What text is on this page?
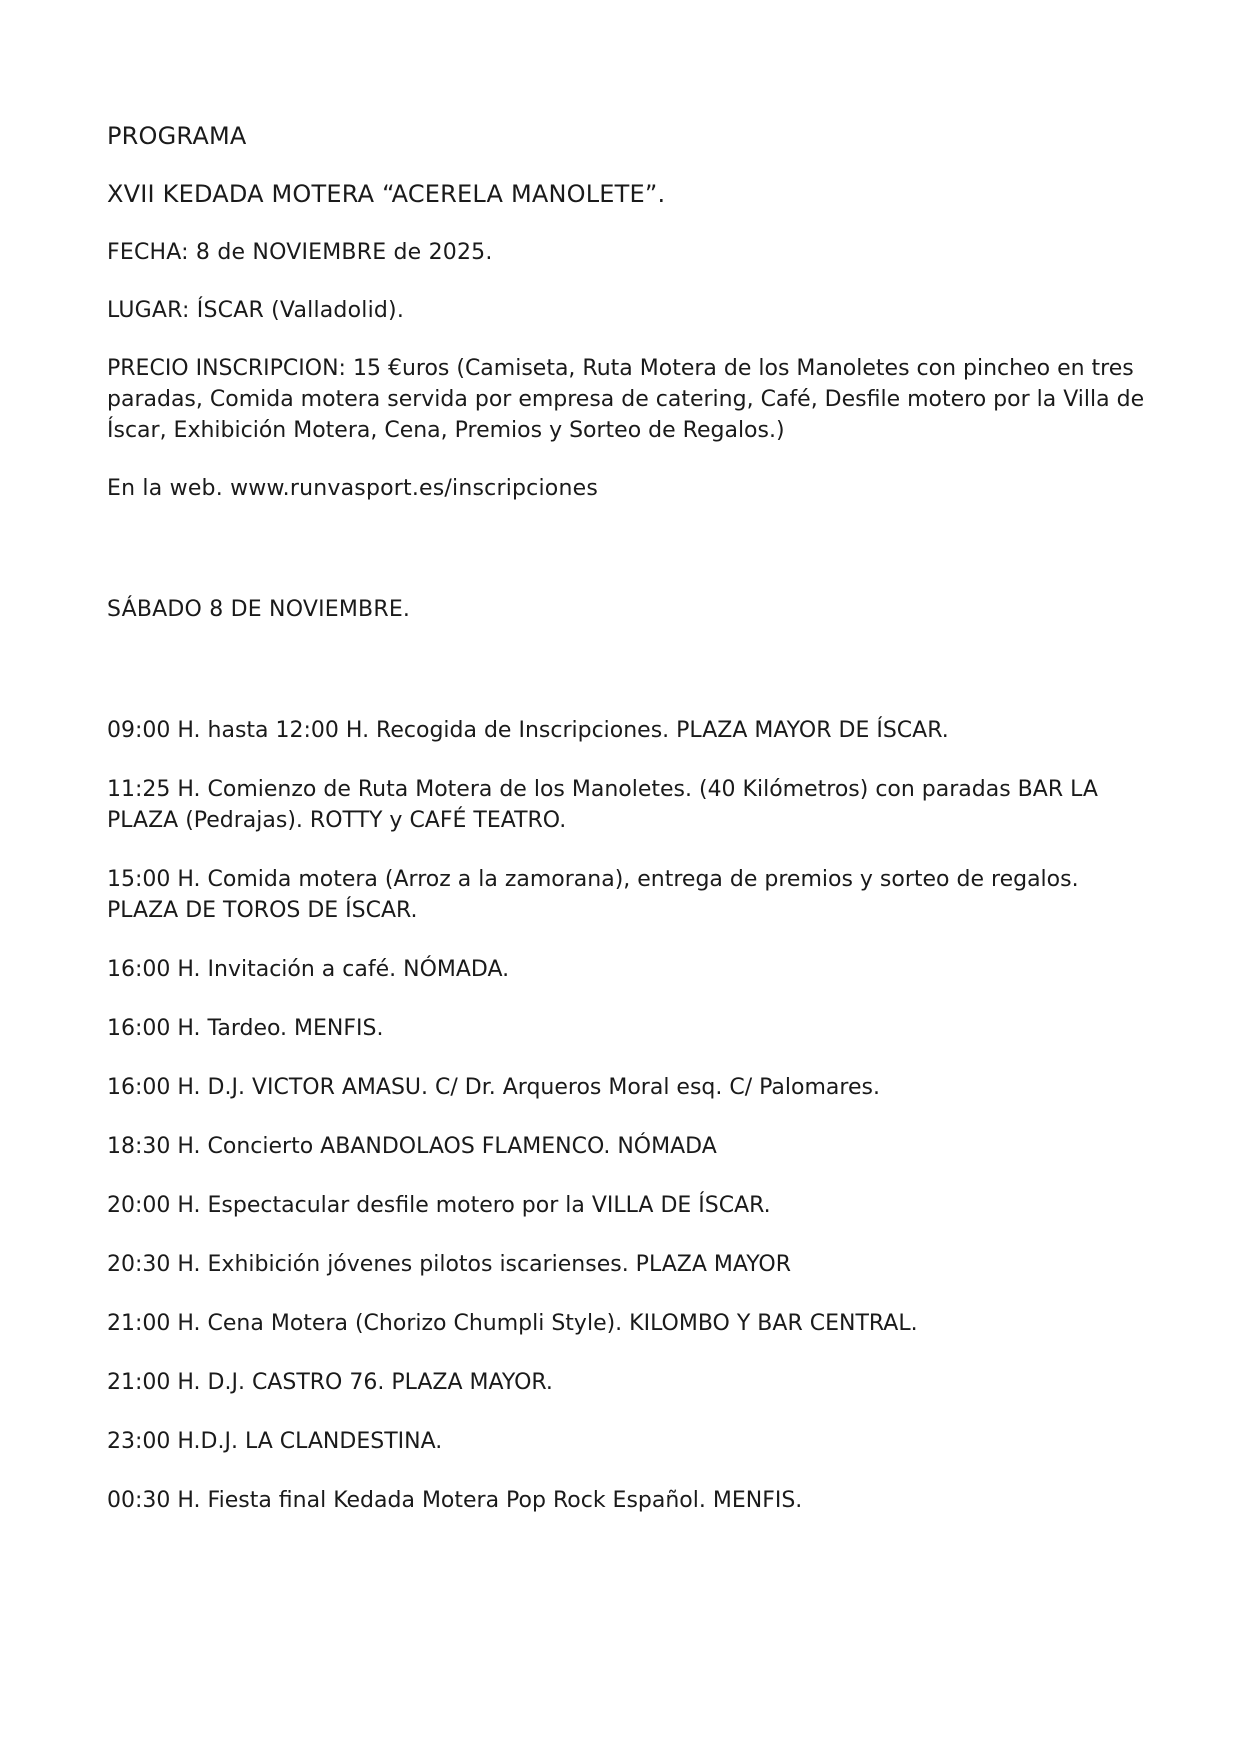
PROGRAMA

XVII KEDADA MOTERA “ACERELA MANOLETE”.

FECHA: 8 de NOVIEMBRE de 2025.

LUGAR: ÍSCAR (Valladolid).

PRECIO INSCRIPCION: 15 €uros (Camiseta, Ruta Motera de los Manoletes con pincheo en tres paradas, Comida motera servida por empresa de catering, Café, Desfile motero por la Villa de Íscar, Exhibición Motera, Cena, Premios y Sorteo de Regalos.)

En la web. www.runvasport.es/inscripciones

SÁBADO 8 DE NOVIEMBRE.

09:00 H. hasta 12:00 H. Recogida de Inscripciones. PLAZA MAYOR DE ÍSCAR.

11:25 H. Comienzo de Ruta Motera de los Manoletes. (40 Kilómetros) con paradas BAR LA PLAZA (Pedrajas). ROTTY y CAFÉ TEATRO.

15:00 H. Comida motera (Arroz a la zamorana), entrega de premios y sorteo de regalos. PLAZA DE TOROS DE ÍSCAR.

16:00 H. Invitación a café. NÓMADA.

16:00 H. Tardeo. MENFIS.

16:00 H. D.J. VICTOR AMASU. C/ Dr. Arqueros Moral esq. C/ Palomares.

18:30 H. Concierto ABANDOLAOS FLAMENCO. NÓMADA

20:00 H. Espectacular desfile motero por la VILLA DE ÍSCAR.

20:30 H. Exhibición jóvenes pilotos iscarienses. PLAZA MAYOR

21:00 H. Cena Motera (Chorizo Chumpli Style). KILOMBO Y BAR CENTRAL.

21:00 H. D.J. CASTRO 76. PLAZA MAYOR.

23:00 H.D.J. LA CLANDESTINA.

00:30 H. Fiesta final Kedada Motera Pop Rock Español. MENFIS.
